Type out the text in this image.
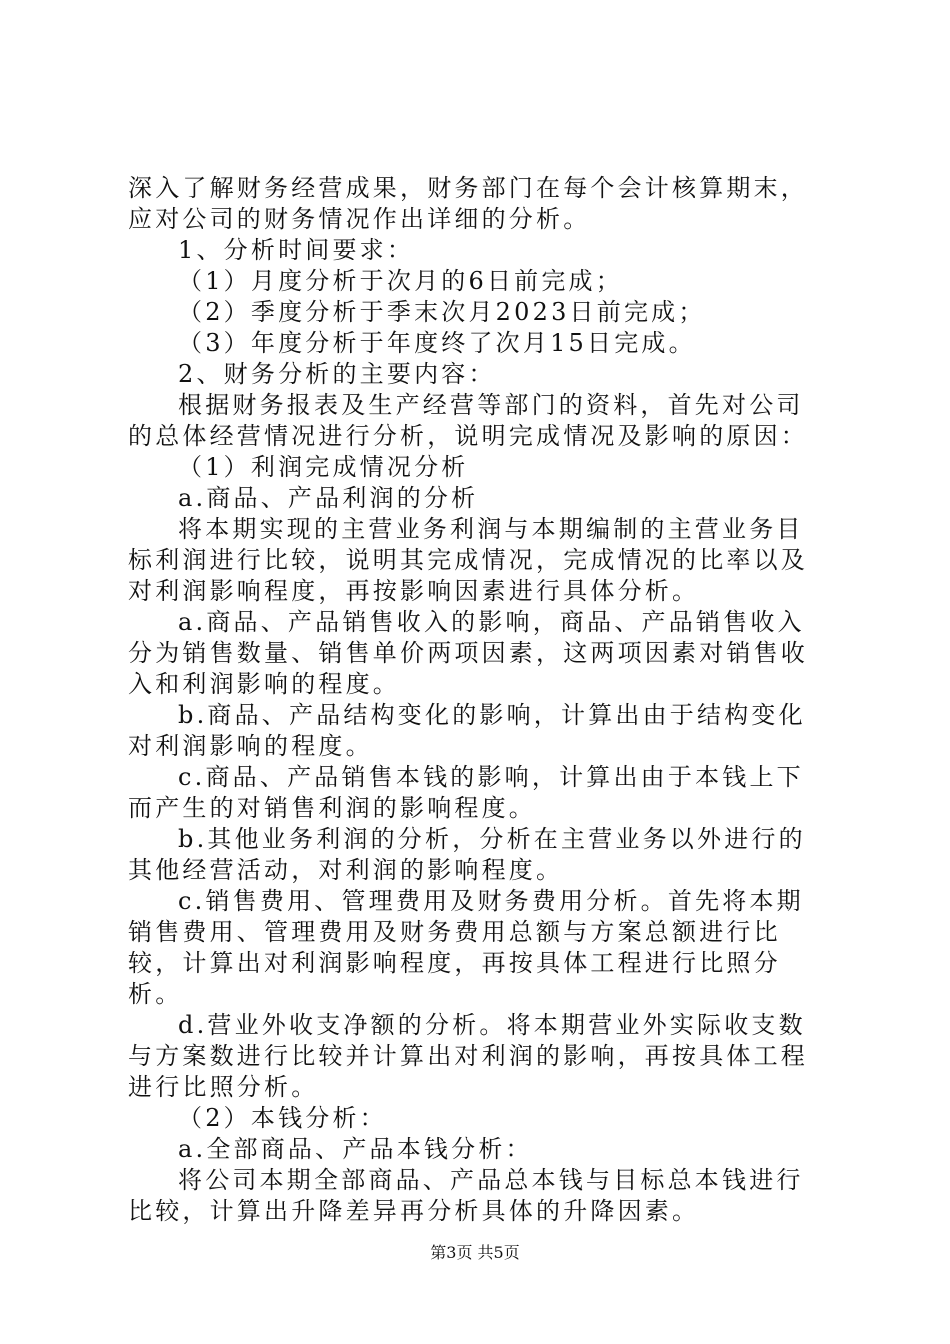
深入了解财务经营成果，财务部门在每个会计核算期末，应对公司的财务情况作出详细的分析。

1、分析时间要求：

（1）月度分析于次月的6日前完成；

（2）季度分析于季末次月2023日前完成；

（3）年度分析于年度终了次月15日完成。

2、财务分析的主要内容：

根据财务报表及生产经营等部门的资料，首先对公司的总体经营情况进行分析，说明完成情况及影响的原因：

（1）利润完成情况分析

a.商品、产品利润的分析

将本期实现的主营业务利润与本期编制的主营业务目标利润进行比较，说明其完成情况，完成情况的比率以及对利润影响程度，再按影响因素进行具体分析。

a.商品、产品销售收入的影响，商品、产品销售收入分为销售数量、销售单价两项因素，这两项因素对销售收入和利润影响的程度。

b.商品、产品结构变化的影响，计算出由于结构变化对利润影响的程度。

c.商品、产品销售本钱的影响，计算出由于本钱上下而产生的对销售利润的影响程度。

b.其他业务利润的分析，分析在主营业务以外进行的其他经营活动，对利润的影响程度。

c.销售费用、管理费用及财务费用分析。首先将本期销售费用、管理费用及财务费用总额与方案总额进行比较，计算出对利润影响程度，再按具体工程进行比照分析。

d.营业外收支净额的分析。将本期营业外实际收支数与方案数进行比较并计算出对利润的影响，再按具体工程进行比照分析。

（2）本钱分析：

a.全部商品、产品本钱分析：

将公司本期全部商品、产品总本钱与目标总本钱进行比较，计算出升降差异再分析具体的升降因素。

第3页 共5页
